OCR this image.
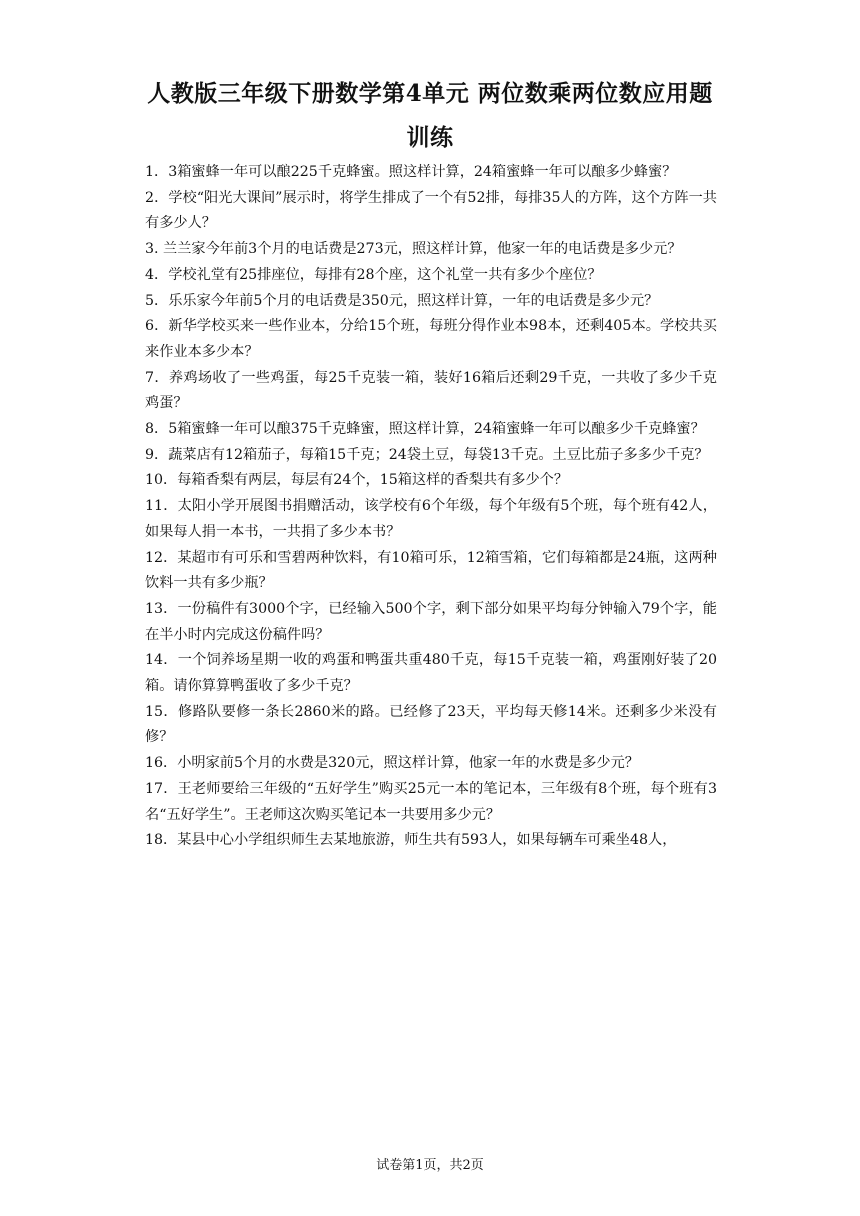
人教版三年级下册数学第4单元 两位数乘两位数应用题训练

1．3箱蜜蜂一年可以酿225千克蜂蜜。照这样计算，24箱蜜蜂一年可以酿多少蜂蜜？

2．学校“阳光大课间”展示时，将学生排成了一个有52排，每排35人的方阵，这个方阵一共有多少人？

3. 兰兰家今年前3个月的电话费是273元，照这样计算，他家一年的电话费是多少元？

4．学校礼堂有25排座位，每排有28个座，这个礼堂一共有多少个座位？

5．乐乐家今年前5个月的电话费是350元，照这样计算，一年的电话费是多少元？

6．新华学校买来一些作业本，分给15个班，每班分得作业本98本，还剩405本。学校共买来作业本多少本？

7．养鸡场收了一些鸡蛋，每25千克装一箱，装好16箱后还剩29千克，一共收了多少千克鸡蛋？

8．5箱蜜蜂一年可以酿375千克蜂蜜，照这样计算，24箱蜜蜂一年可以酿多少千克蜂蜜？

9．蔬菜店有12箱茄子，每箱15千克；24袋土豆，每袋13千克。土豆比茄子多多少千克？

10．每箱香梨有两层，每层有24个，15箱这样的香梨共有多少个？

11．太阳小学开展图书捐赠活动，该学校有6个年级，每个年级有5个班，每个班有42人，如果每人捐一本书，一共捐了多少本书？

12．某超市有可乐和雪碧两种饮料，有10箱可乐，12箱雪箱，它们每箱都是24瓶，这两种饮料一共有多少瓶？

13．一份稿件有3000个字，已经输入500个字，剩下部分如果平均每分钟输入79个字，能在半小时内完成这份稿件吗？

14．一个饲养场星期一收的鸡蛋和鸭蛋共重480千克，每15千克装一箱，鸡蛋刚好装了20箱。请你算算鸭蛋收了多少千克？

15．修路队要修一条长2860米的路。已经修了23天，平均每天修14米。还剩多少米没有修？

16．小明家前5个月的水费是320元，照这样计算，他家一年的水费是多少元？

17．王老师要给三年级的“五好学生”购买25元一本的笔记本，三年级有8个班，每个班有3名“五好学生”。王老师这次购买笔记本一共要用多少元？

18．某县中心小学组织师生去某地旅游，师生共有593人，如果每辆车可乘坐48人，

试卷第1页，共2页
